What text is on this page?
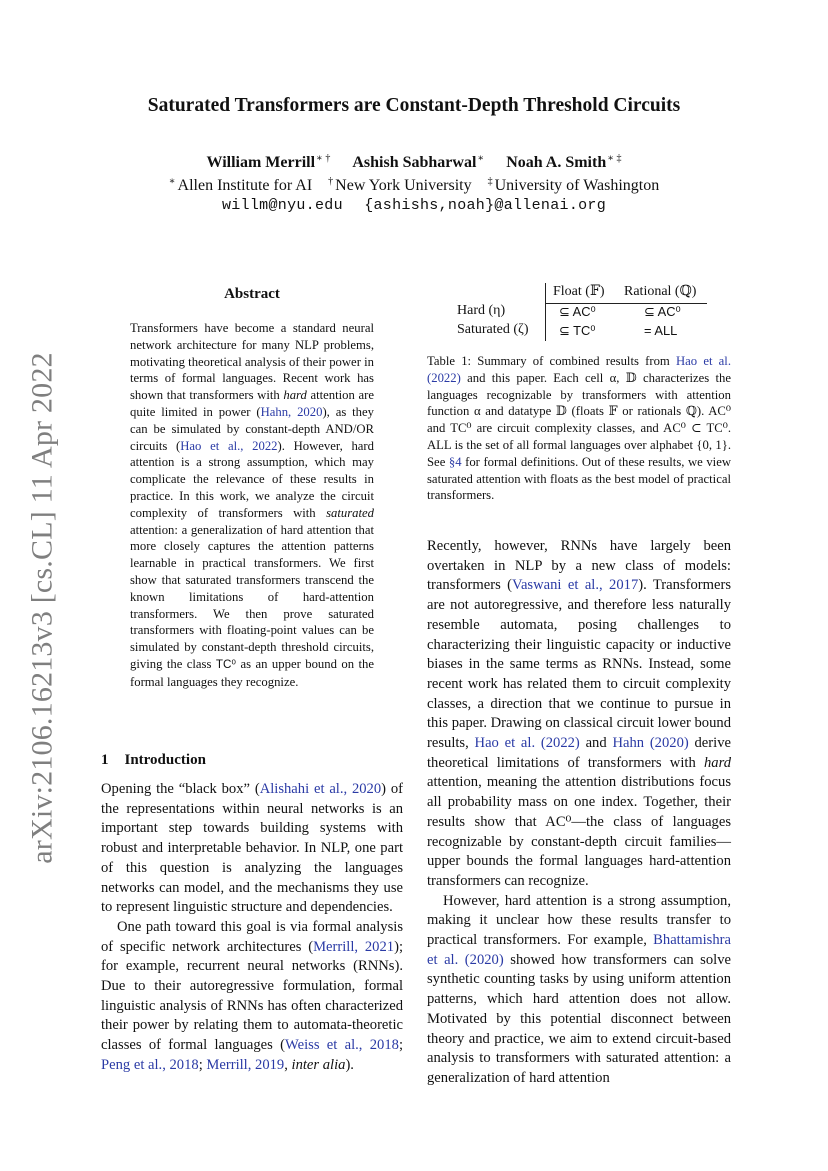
arXiv:2106.16213v3 [cs.CL] 11 Apr 2022
Saturated Transformers are Constant-Depth Threshold Circuits
William Merrill∗ † Ashish Sabharwal∗ Noah A. Smith∗ ‡
∗ Allen Institute for AI † New York University ‡ University of Washington
willm@nyu.edu {ashishs,noah}@allenai.org
Abstract
Transformers have become a standard neural network architecture for many NLP problems, motivating theoretical analysis of their power in terms of formal languages. Recent work has shown that transformers with hard attention are quite limited in power (Hahn, 2020), as they can be simulated by constant-depth AND/OR circuits (Hao et al., 2022). However, hard attention is a strong assumption, which may complicate the relevance of these results in practice. In this work, we analyze the circuit complexity of transformers with saturated attention: a generalization of hard attention that more closely captures the attention patterns learnable in practical transformers. We first show that saturated transformers transcend the known limitations of hard-attention transformers. We then prove saturated transformers with floating-point values can be simulated by constant-depth threshold circuits, giving the class TC⁰ as an upper bound on the formal languages they recognize.
1 Introduction

Opening the “black box” (Alishahi et al., 2020) of the representations within neural networks is an important step towards building systems with robust and interpretable behavior. In NLP, one part of this question is analyzing the languages networks can model, and the mechanisms they use to represent linguistic structure and dependencies.

One path toward this goal is via formal analysis of specific network architectures (Merrill, 2021); for example, recurrent neural networks (RNNs). Due to their autoregressive formulation, formal linguistic analysis of RNNs has often characterized their power by relating them to automata-theoretic classes of formal languages (Weiss et al., 2018; Peng et al., 2018; Merrill, 2019, inter alia).

Float (𝔽) Rational (ℚ)
Hard (η)	⊆ AC⁰	⊆ AC⁰
Saturated (ζ) ⊆ TC⁰	= ALL
Table 1: Summary of combined results from Hao et al. (2022) and this paper. Each cell α, 𝔻 characterizes the languages recognizable by transformers with attention function α and datatype 𝔻 (floats 𝔽 or rationals ℚ). AC⁰ and TC⁰ are circuit complexity classes, and AC⁰ ⊂ TC⁰. ALL is the set of all formal languages over alphabet {0, 1}. See §4 for formal definitions. Out of these results, we view saturated attention with floats as the best model of practical transformers.

Recently, however, RNNs have largely been overtaken in NLP by a new class of models: transformers (Vaswani et al., 2017). Transformers are not autoregressive, and therefore less naturally resemble automata, posing challenges to characterizing their linguistic capacity or inductive biases in the same terms as RNNs. Instead, some recent work has related them to circuit complexity classes, a direction that we continue to pursue in this paper. Drawing on classical circuit lower bound results, Hao et al. (2022) and Hahn (2020) derive theoretical limitations of transformers with hard attention, meaning the attention distributions focus all probability mass on one index. Together, their results show that AC⁰—the class of languages recognizable by constant-depth circuit families—upper bounds the formal languages hard-attention transformers can recognize.

However, hard attention is a strong assumption, making it unclear how these results transfer to practical transformers. For example, Bhattamishra et al. (2020) showed how transformers can solve synthetic counting tasks by using uniform attention patterns, which hard attention does not allow. Motivated by this potential disconnect between theory and practice, we aim to extend circuit-based analysis to transformers with saturated attention: a generalization of hard attention
